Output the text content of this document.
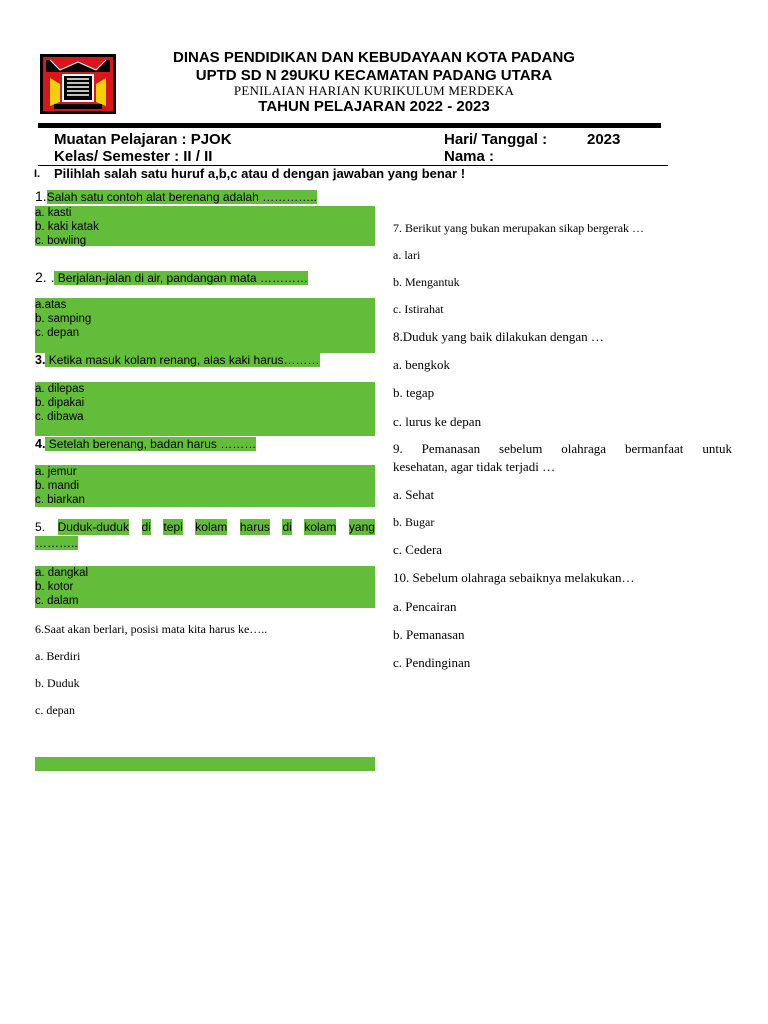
DINAS PENDIDIKAN DAN KEBUDAYAAN KOTA PADANG
UPTD SD N 29UKU KECAMATAN PADANG UTARA
PENILAIAN HARIAN KURIKULUM MERDEKA
TAHUN PELAJARAN 2022 - 2023
Muatan Pelajaran : PJOK
Kelas/ Semester : II / II
Hari/ Tanggal :	2023
Nama :
I. Pilihlah salah satu huruf a,b,c atau d dengan jawaban yang benar !
1.Salah satu contoh alat berenang adalah …………..
a. kasti
b. kaki katak
c. bowling
2. . Berjalan-jalan di air, pandangan mata …………
a.atas
b. samping
c. depan
3. Ketika masuk kolam renang, alas kaki harus………
a. dilepas
b. dipakai
c. dibawa
4. Setelah berenang, badan harus ………
a. jemur
b. mandi
c. biarkan
5. Duduk-duduk di tepi kolam harus di kolam yang
………..
a. dangkal
b. kotor
c. dalam
6.Saat akan berlari, posisi mata kita harus ke…..
a. Berdiri
b. Duduk
c. depan
7. Berikut yang bukan merupakan sikap bergerak …
a. lari
b. Mengantuk
c. Istirahat
8.Duduk yang baik dilakukan dengan …
a. bengkok
b. tegap
c. lurus ke depan
9. Pemanasan sebelum olahraga bermanfaat untuk
kesehatan, agar tidak terjadi …
a. Sehat
b. Bugar
c. Cedera
10. Sebelum olahraga sebaiknya melakukan…
a. Pencairan
b. Pemanasan
c. Pendinginan
